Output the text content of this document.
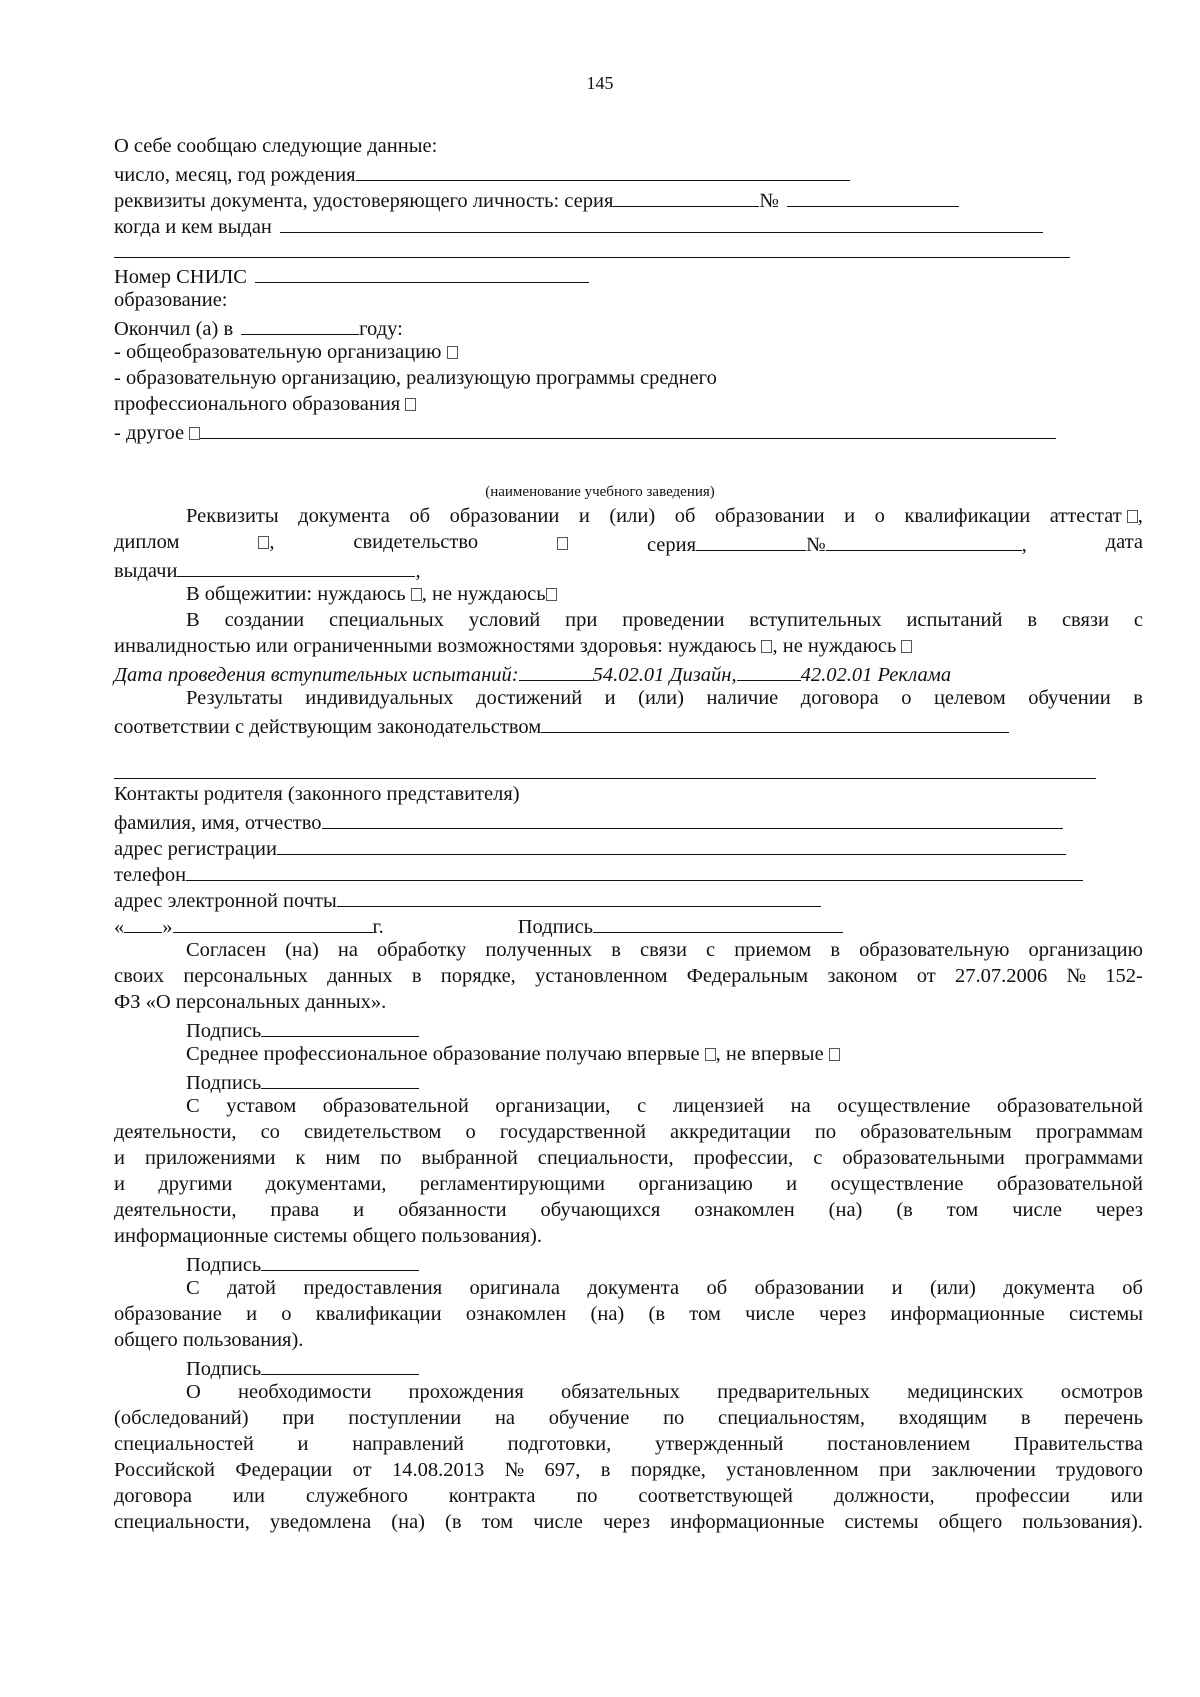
145
О себе сообщаю следующие данные:
число, месяц, год рождения
реквизиты документа, удостоверяющего личность: серия	№
когда и кем выдан
Номер СНИЛС
образование:
Окончил (а) в	году:
- общеобразовательную организацию
- образовательную организацию, реализующую программы среднего
профессионального образования
- другое
(наименование учебного заведения)
Реквизиты документа об образовании и (или) об образовании и о квалификации аттестат ,
диплом	,	свидетельство	серия	№	,	дата
выдачи	,
В общежитии: нуждаюсь , не нуждаюсь
В создании специальных условий при проведении вступительных испытаний в связи с
инвалидностью или ограниченными возможностями здоровья: нуждаюсь , не нуждаюсь
Дата проведения вступительных испытаний:	54.02.01 Дизайн,	42.02.01 Реклама
Результаты индивидуальных достижений и (или) наличие договора о целевом обучении в
соответствии с действующим законодательством
Контакты родителя (законного представителя)
фамилия, имя, отчество
адрес регистрации
телефон
адрес электронной почты
« »	г.	Подпись
Согласен (на) на обработку полученных в связи с приемом в образовательную организацию
своих персональных данных в порядке, установленном Федеральным законом от 27.07.2006 № 152-
ФЗ «О персональных данных».
Подпись
Среднее профессиональное образование получаю впервые , не впервые
Подпись
С уставом образовательной организации, с лицензией на осуществление образовательной
деятельности, со свидетельством о государственной аккредитации по образовательным программам
и приложениями к ним по выбранной специальности, профессии, с образовательными программами
и другими документами, регламентирующими организацию и осуществление образовательной
деятельности, права и обязанности обучающихся ознакомлен (на) (в том числе через
информационные системы общего пользования).
Подпись
С датой предоставления оригинала документа об образовании и (или) документа об
образование и о квалификации ознакомлен (на) (в том числе через информационные системы
общего пользования).
Подпись
О необходимости прохождения обязательных предварительных медицинских осмотров
(обследований) при поступлении на обучение по специальностям, входящим в перечень
специальностей и направлений подготовки, утвержденный постановлением Правительства
Российской Федерации от 14.08.2013 № 697, в порядке, установленном при заключении трудового
договора или служебного контракта по соответствующей должности, профессии или
специальности, уведомлена (на) (в том числе через информационные системы общего пользования).
